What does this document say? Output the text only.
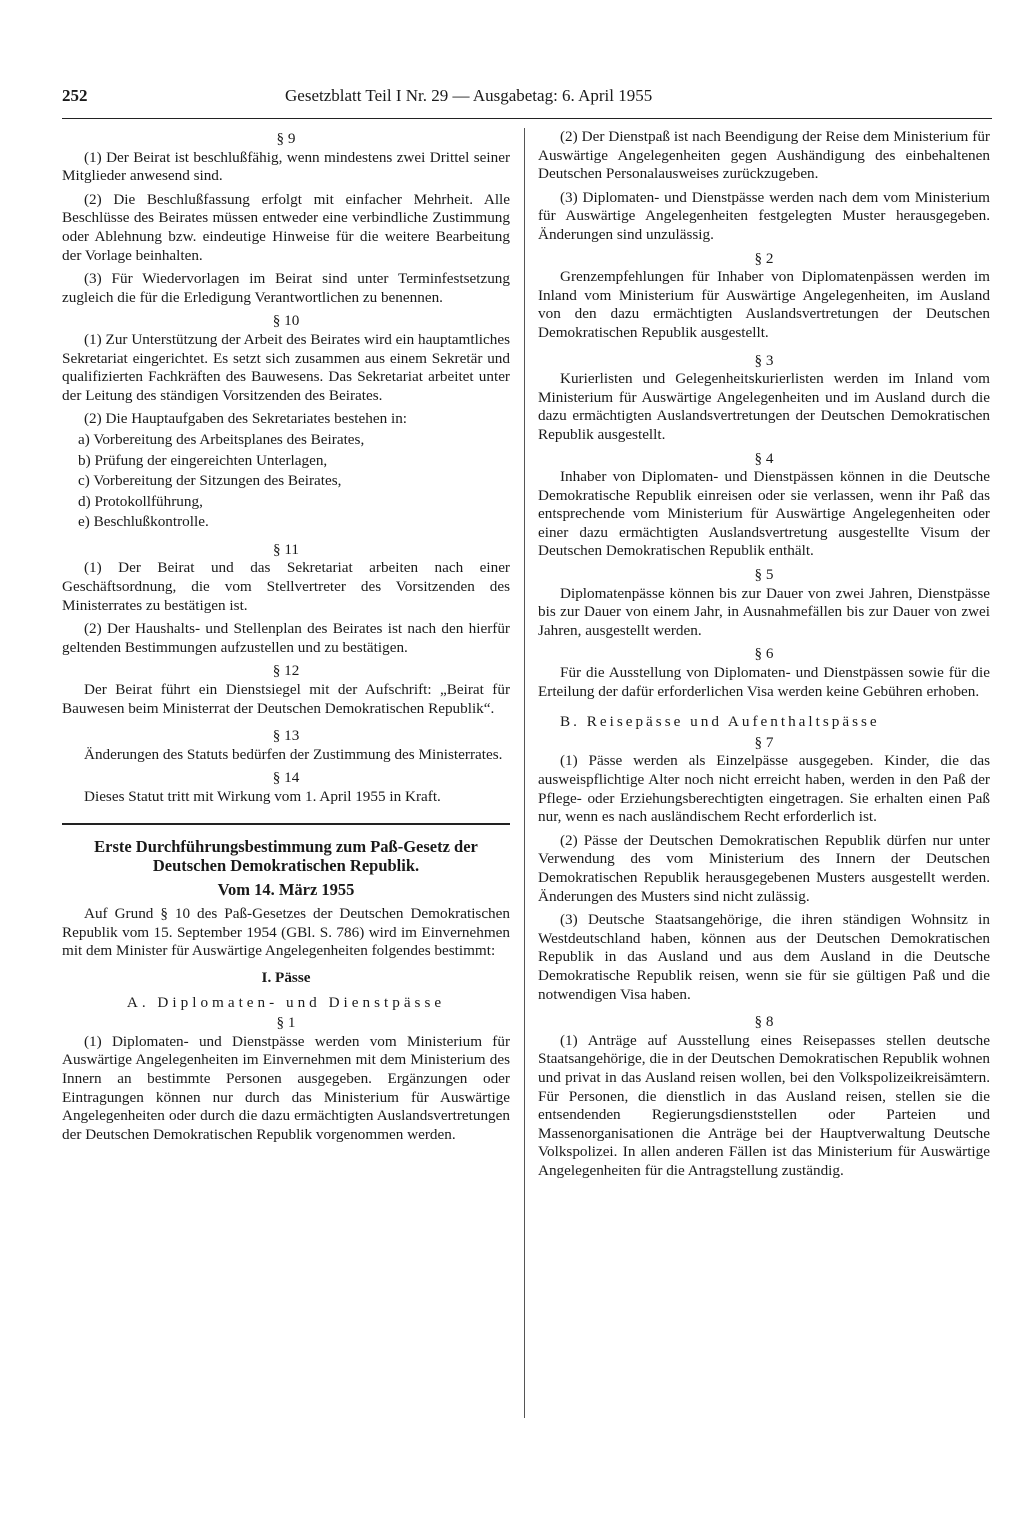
252	Gesetzblatt Teil I Nr. 29 — Ausgabetag: 6. April 1955
§ 9

(1) Der Beirat ist beschlußfähig, wenn mindestens zwei Drittel seiner Mitglieder anwesend sind.

(2) Die Beschlußfassung erfolgt mit einfacher Mehrheit. Alle Beschlüsse des Beirates müssen entweder eine verbindliche Zustimmung oder Ablehnung bzw. eindeutige Hinweise für die weitere Bearbeitung der Vorlage beinhalten.

(3) Für Wiedervorlagen im Beirat sind unter Terminfestsetzung zugleich die für die Erledigung Verantwortlichen zu benennen.

§ 10

(1) Zur Unterstützung der Arbeit des Beirates wird ein hauptamtliches Sekretariat eingerichtet. Es setzt sich zusammen aus einem Sekretär und qualifizierten Fachkräften des Bauwesens. Das Sekretariat arbeitet unter der Leitung des ständigen Vorsitzenden des Beirates.

(2) Die Hauptaufgaben des Sekretariates bestehen in:

a) Vorbereitung des Arbeitsplanes des Beirates,
b) Prüfung der eingereichten Unterlagen,
c) Vorbereitung der Sitzungen des Beirates,
d) Protokollführung,
e) Beschlußkontrolle.
§ 11

(1) Der Beirat und das Sekretariat arbeiten nach einer Geschäftsordnung, die vom Stellvertreter des Vorsitzenden des Ministerrates zu bestätigen ist.

(2) Der Haushalts- und Stellenplan des Beirates ist nach den hierfür geltenden Bestimmungen aufzustellen und zu bestätigen.

§ 12

Der Beirat führt ein Dienstsiegel mit der Aufschrift: „Beirat für Bauwesen beim Ministerrat der Deutschen Demokratischen Republik“.

§ 13

Änderungen des Statuts bedürfen der Zustimmung des Ministerrates.

§ 14

Dieses Statut tritt mit Wirkung vom 1. April 1955 in Kraft.

Erste Durchführungsbestimmung zum Paß-Gesetz der Deutschen Demokratischen Republik.
Vom 14. März 1955

Auf Grund § 10 des Paß-Gesetzes der Deutschen Demokratischen Republik vom 15. September 1954 (GBl. S. 786) wird im Einvernehmen mit dem Minister für Auswärtige Angelegenheiten folgendes bestimmt:

I. Pässe
A. Diplomaten- und Dienstpässe
§ 1

(1) Diplomaten- und Dienstpässe werden vom Ministerium für Auswärtige Angelegenheiten im Einvernehmen mit dem Ministerium des Innern an bestimmte Personen ausgegeben. Ergänzungen oder Eintragungen können nur durch das Ministerium für Auswärtige Angelegenheiten oder durch die dazu ermächtigten Auslandsvertretungen der Deutschen Demokratischen Republik vorgenommen werden.

(2) Der Dienstpaß ist nach Beendigung der Reise dem Ministerium für Auswärtige Angelegenheiten gegen Aushändigung des einbehaltenen Deutschen Personalausweises zurückzugeben.

(3) Diplomaten- und Dienstpässe werden nach dem vom Ministerium für Auswärtige Angelegenheiten festgelegten Muster herausgegeben. Änderungen sind unzulässig.

§ 2

Grenzempfehlungen für Inhaber von Diplomatenpässen werden im Inland vom Ministerium für Auswärtige Angelegenheiten, im Ausland von den dazu ermächtigten Auslandsvertretungen der Deutschen Demokratischen Republik ausgestellt.

§ 3

Kurierlisten und Gelegenheitskurierlisten werden im Inland vom Ministerium für Auswärtige Angelegenheiten und im Ausland durch die dazu ermächtigten Auslandsvertretungen der Deutschen Demokratischen Republik ausgestellt.

§ 4

Inhaber von Diplomaten- und Dienstpässen können in die Deutsche Demokratische Republik einreisen oder sie verlassen, wenn ihr Paß das entsprechende vom Ministerium für Auswärtige Angelegenheiten oder einer dazu ermächtigten Auslandsvertretung ausgestellte Visum der Deutschen Demokratischen Republik enthält.

§ 5

Diplomatenpässe können bis zur Dauer von zwei Jahren, Dienstpässe bis zur Dauer von einem Jahr, in Ausnahmefällen bis zur Dauer von zwei Jahren, ausgestellt werden.

§ 6

Für die Ausstellung von Diplomaten- und Dienstpässen sowie für die Erteilung der dafür erforderlichen Visa werden keine Gebühren erhoben.

B. Reisepässe und Aufenthaltspässe
§ 7

(1) Pässe werden als Einzelpässe ausgegeben. Kinder, die das ausweispflichtige Alter noch nicht erreicht haben, werden in den Paß der Pflege- oder Erziehungsberechtigten eingetragen. Sie erhalten einen Paß nur, wenn es nach ausländischem Recht erforderlich ist.

(2) Pässe der Deutschen Demokratischen Republik dürfen nur unter Verwendung des vom Ministerium des Innern der Deutschen Demokratischen Republik herausgegebenen Musters ausgestellt werden. Änderungen des Musters sind nicht zulässig.

(3) Deutsche Staatsangehörige, die ihren ständigen Wohnsitz in Westdeutschland haben, können aus der Deutschen Demokratischen Republik in das Ausland und aus dem Ausland in die Deutsche Demokratische Republik reisen, wenn sie für sie gültigen Paß und die notwendigen Visa haben.

§ 8

(1) Anträge auf Ausstellung eines Reisepasses stellen deutsche Staatsangehörige, die in der Deutschen Demokratischen Republik wohnen und privat in das Ausland reisen wollen, bei den Volkspolizeikreisämtern. Für Personen, die dienstlich in das Ausland reisen, stellen sie die entsendenden Regierungsdienststellen oder Parteien und Massenorganisationen die Anträge bei der Hauptverwaltung Deutsche Volkspolizei. In allen anderen Fällen ist das Ministerium für Auswärtige Angelegenheiten für die Antragstellung zuständig.
